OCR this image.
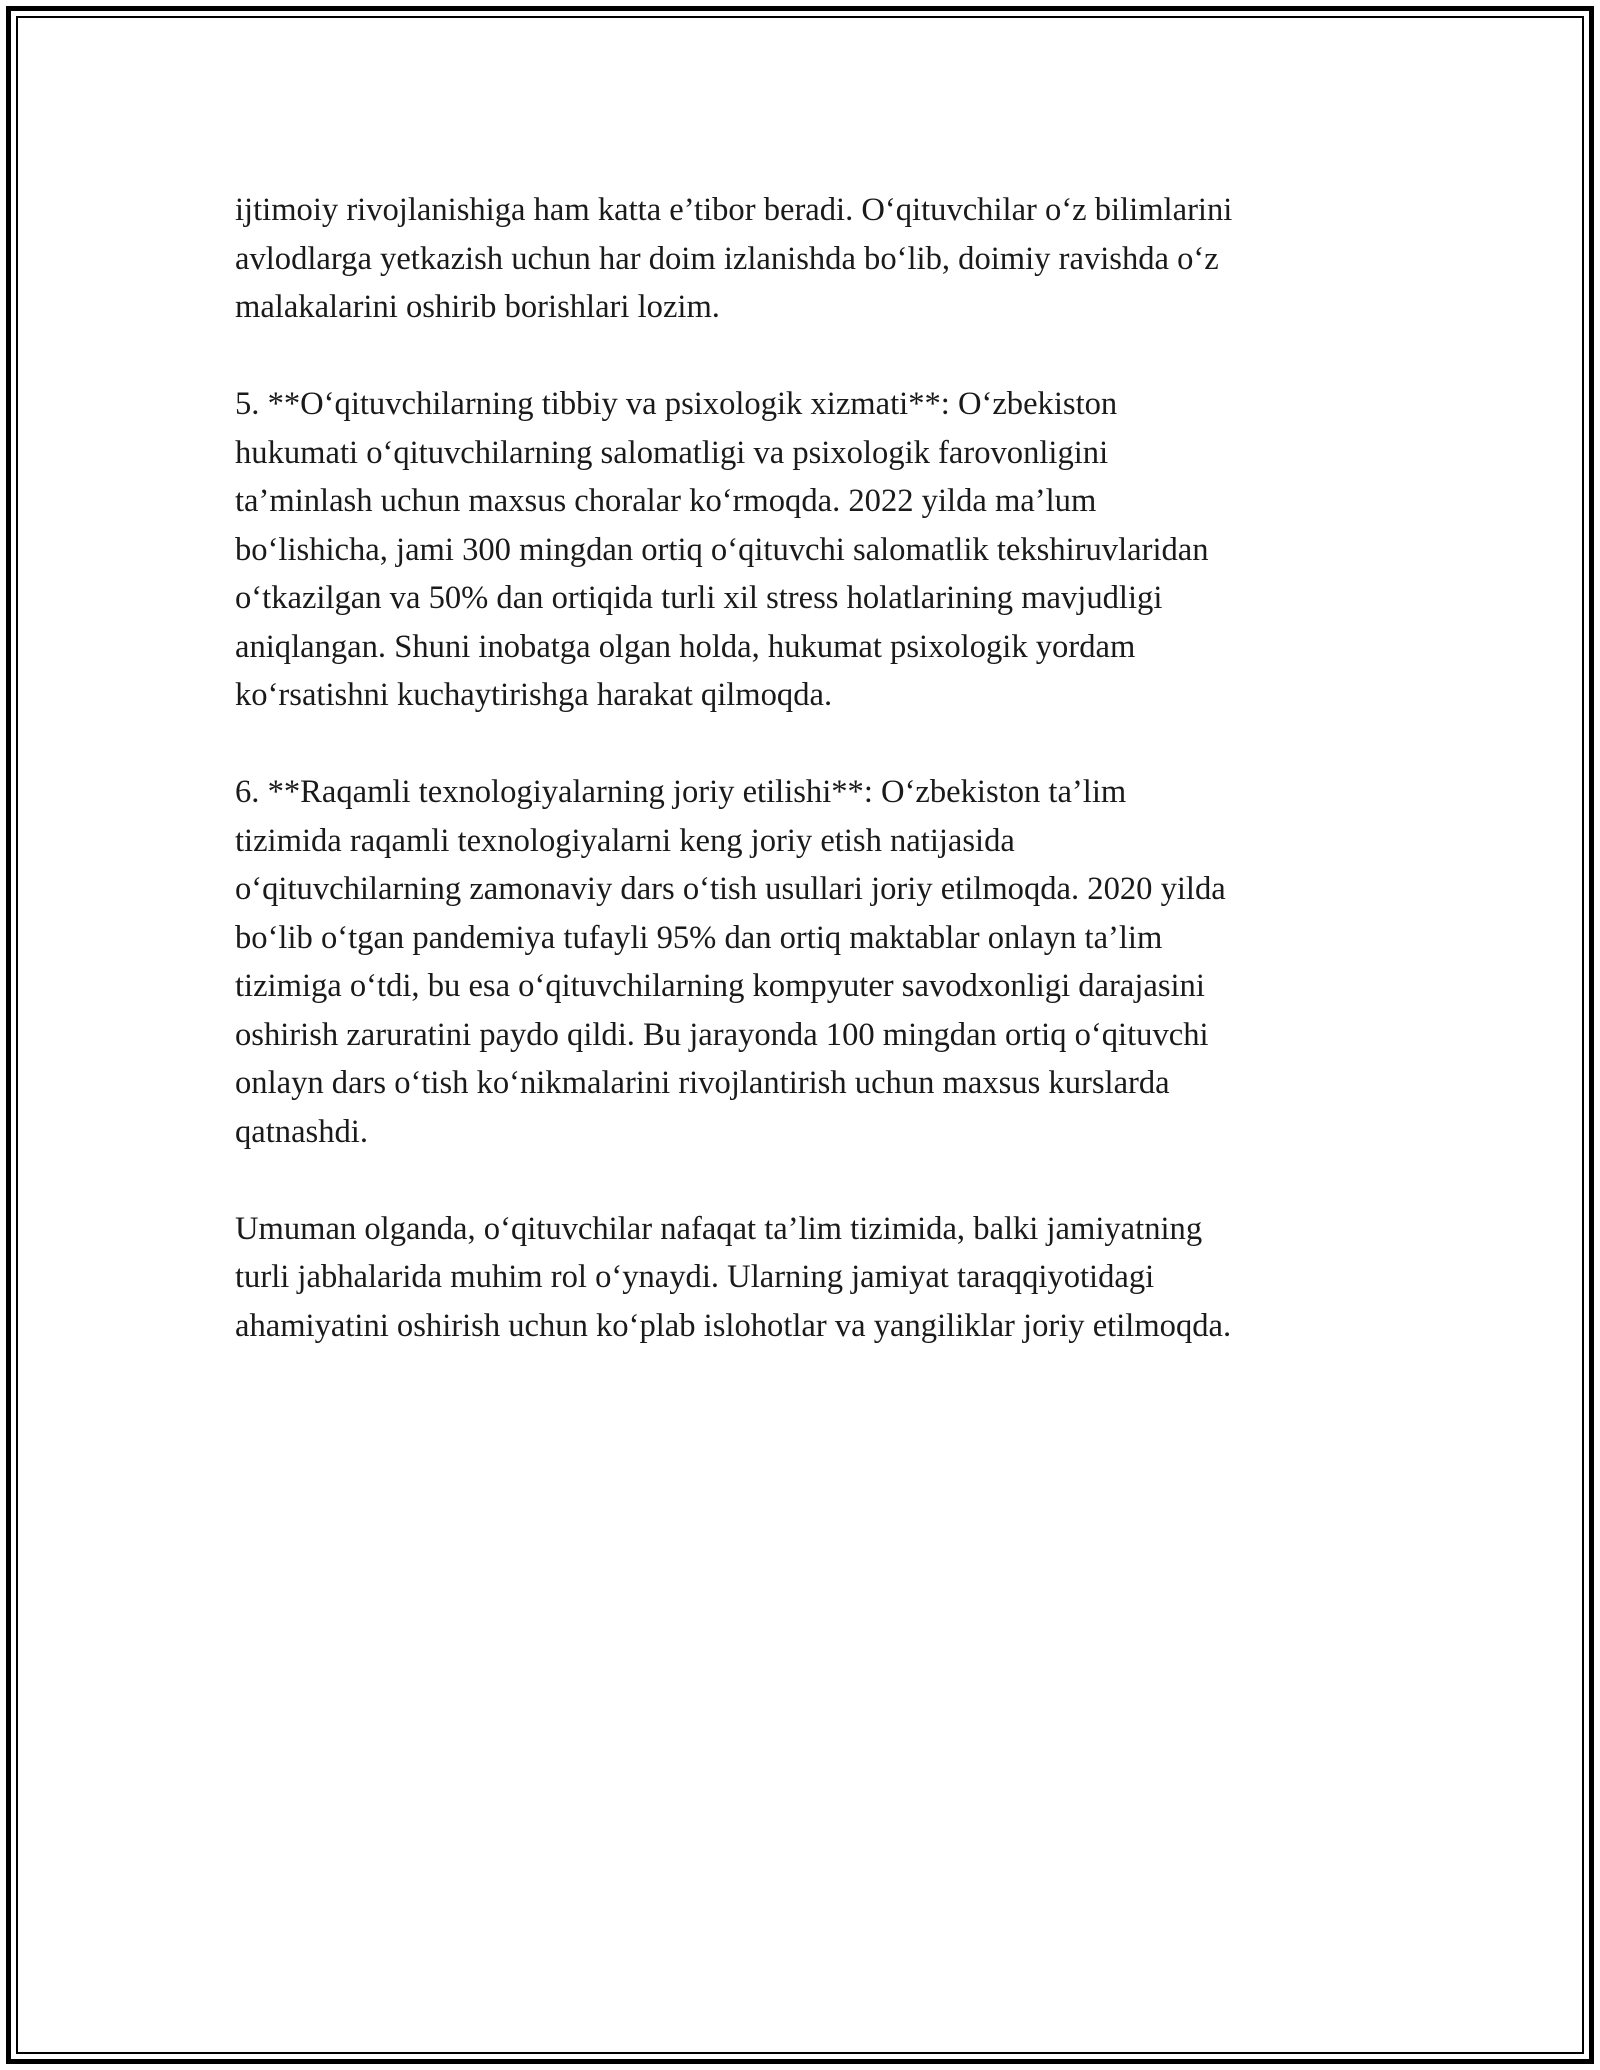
ijtimoiy rivojlanishiga ham katta e’tibor beradi. O‘qituvchilar o‘z bilimlarini
avlodlarga yetkazish uchun har doim izlanishda bo‘lib, doimiy ravishda o‘z
malakalarini oshirib borishlari lozim.

5. **O‘qituvchilarning tibbiy va psixologik xizmati**: O‘zbekiston
hukumati o‘qituvchilarning salomatligi va psixologik farovonligini
ta’minlash uchun maxsus choralar ko‘rmoqda. 2022 yilda ma’lum
bo‘lishicha, jami 300 mingdan ortiq o‘qituvchi salomatlik tekshiruvlaridan
o‘tkazilgan va 50% dan ortiqida turli xil stress holatlarining mavjudligi
aniqlangan. Shuni inobatga olgan holda, hukumat psixologik yordam
ko‘rsatishni kuchaytirishga harakat qilmoqda.

6. **Raqamli texnologiyalarning joriy etilishi**: O‘zbekiston ta’lim
tizimida raqamli texnologiyalarni keng joriy etish natijasida
o‘qituvchilarning zamonaviy dars o‘tish usullari joriy etilmoqda. 2020 yilda
bo‘lib o‘tgan pandemiya tufayli 95% dan ortiq maktablar onlayn ta’lim
tizimiga o‘tdi, bu esa o‘qituvchilarning kompyuter savodxonligi darajasini
oshirish zaruratini paydo qildi. Bu jarayonda 100 mingdan ortiq o‘qituvchi
onlayn dars o‘tish ko‘nikmalarini rivojlantirish uchun maxsus kurslarda
qatnashdi.

Umuman olganda, o‘qituvchilar nafaqat ta’lim tizimida, balki jamiyatning
turli jabhalarida muhim rol o‘ynaydi. Ularning jamiyat taraqqiyotidagi
ahamiyatini oshirish uchun ko‘plab islohotlar va yangiliklar joriy etilmoqda.
